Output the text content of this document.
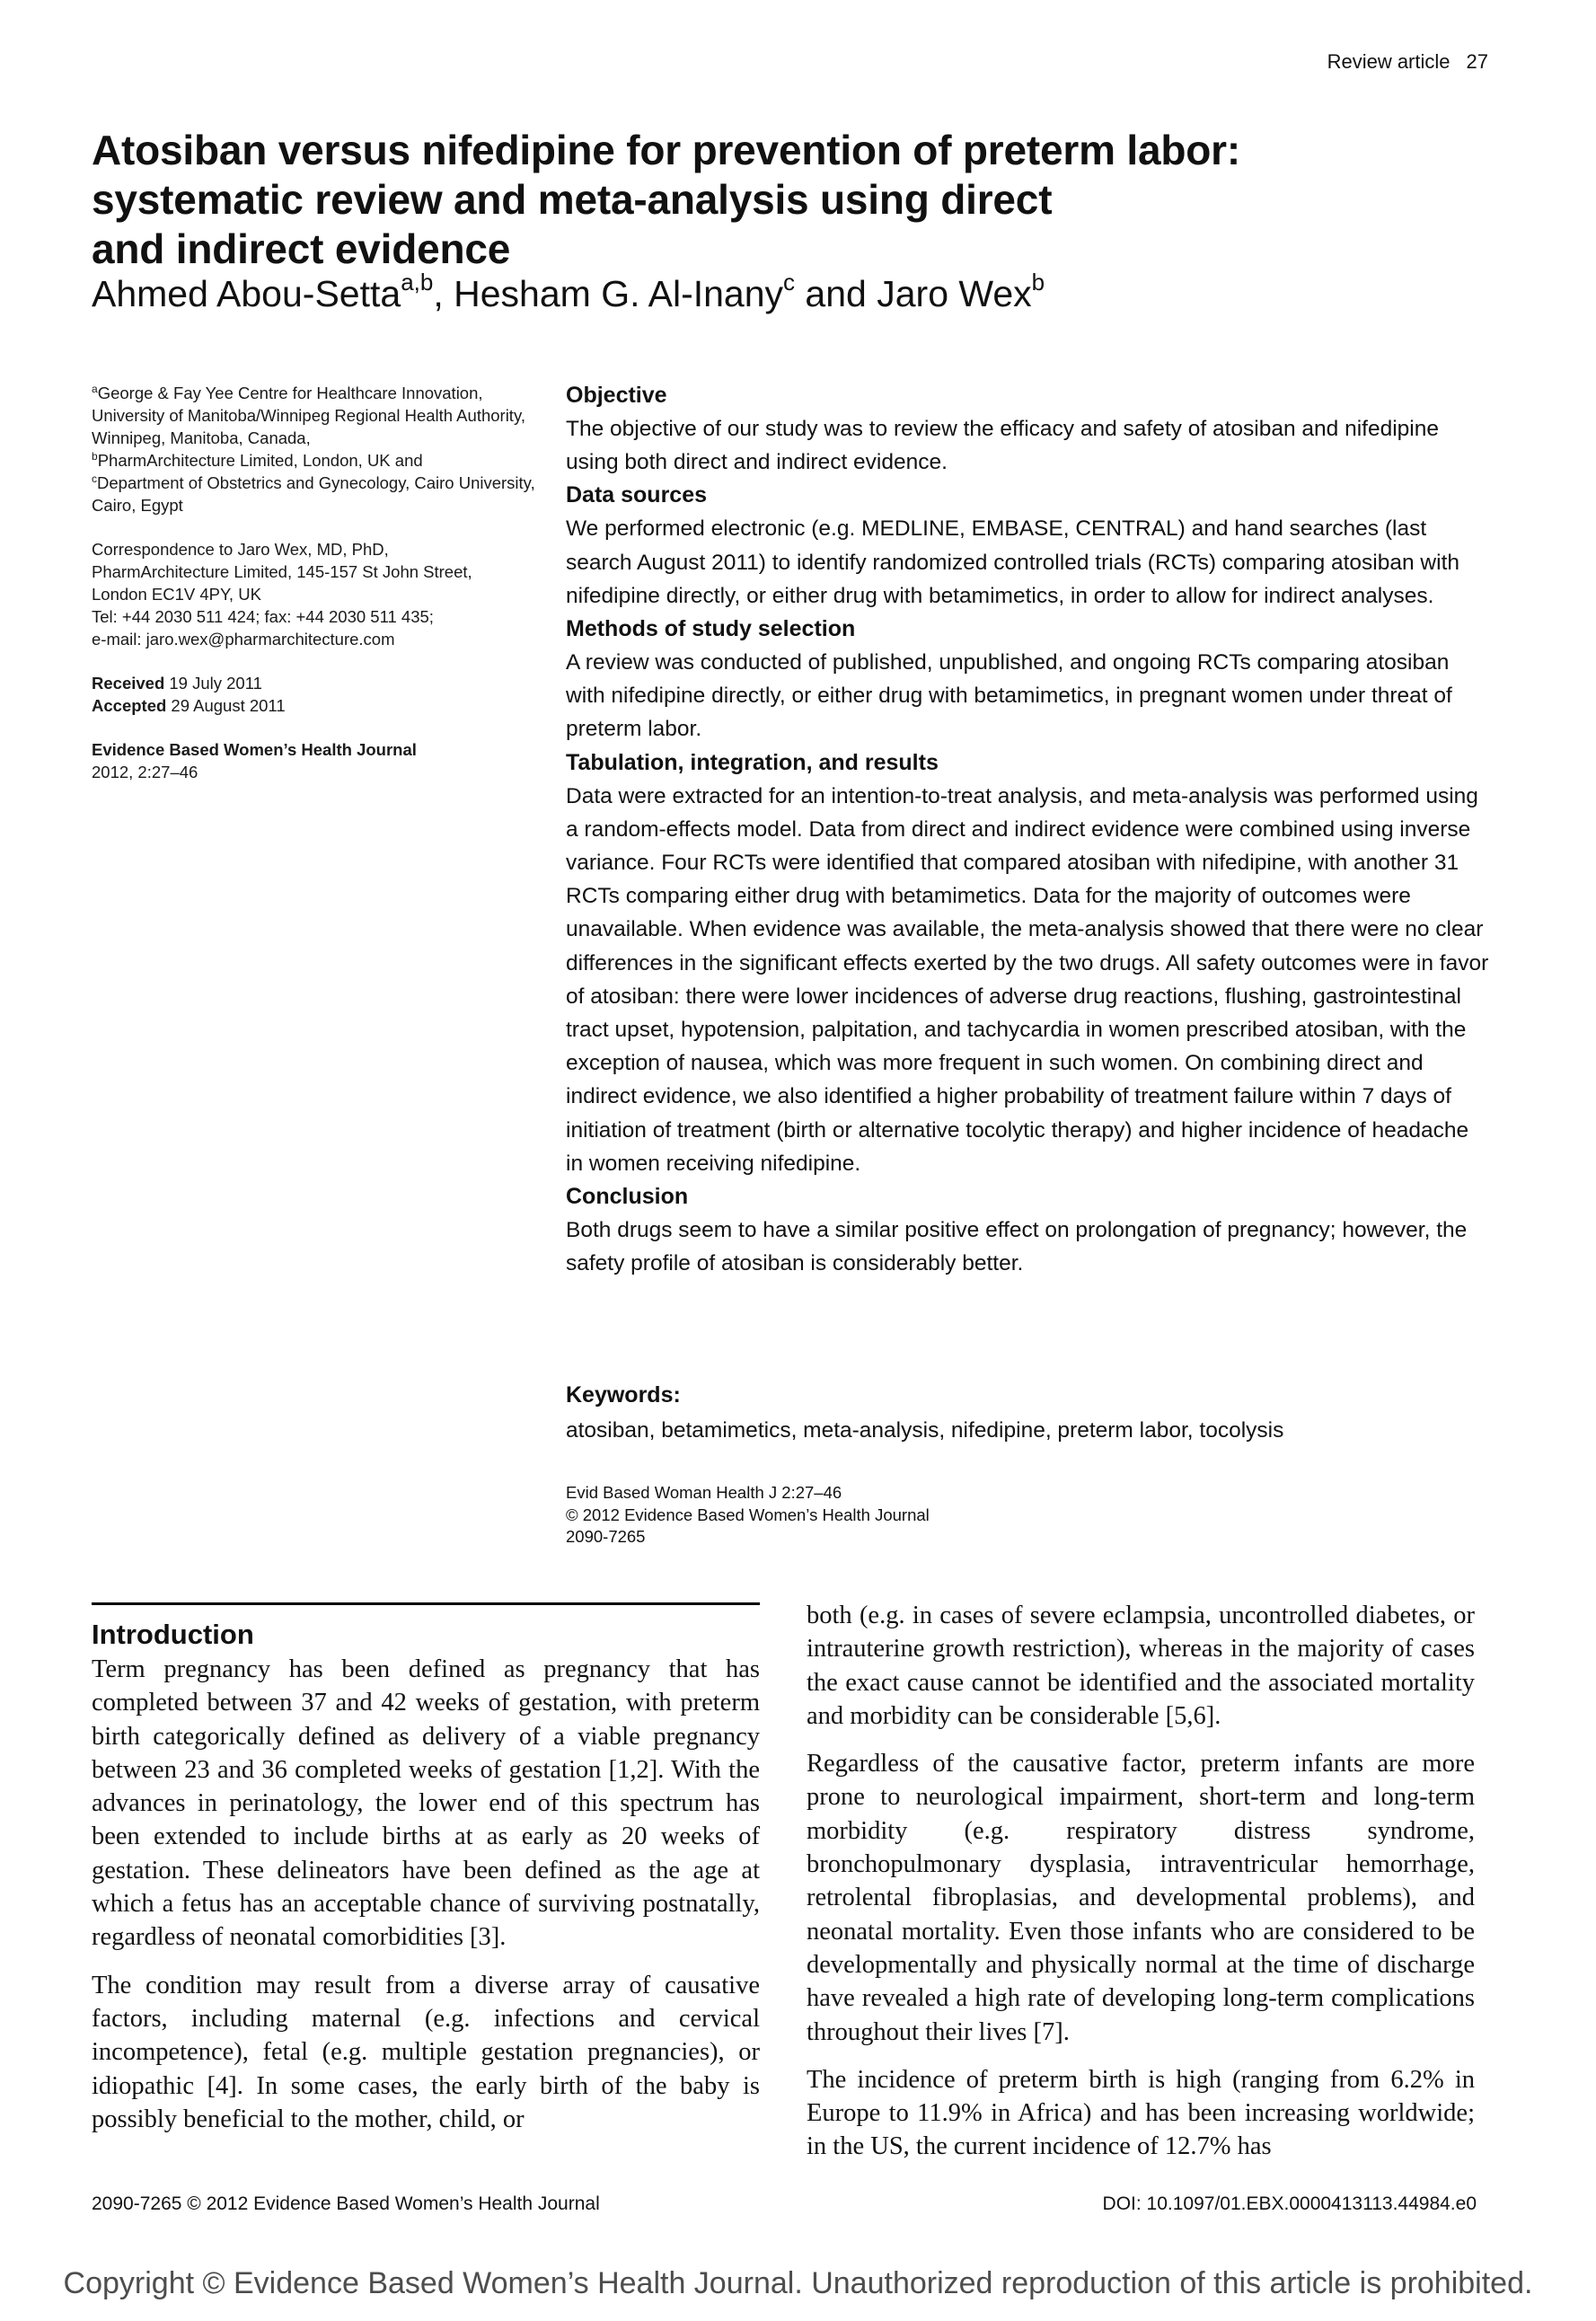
Review article 27
Atosiban versus nifedipine for prevention of preterm labor:
systematic review and meta-analysis using direct
and indirect evidence
Ahmed Abou-Setta$^{a,b}$, Hesham G. Al-Inany$^c$ and Jaro Wex$^b$

$^a$George & Fay Yee Centre for Healthcare Innovation, University of Manitoba/Winnipeg Regional Health Authority, Winnipeg, Manitoba, Canada,
$^b$PharmArchitecture Limited, London, UK and
$^c$Department of Obstetrics and Gynecology, Cairo University, Cairo, Egypt

Correspondence to Jaro Wex, MD, PhD,
PharmArchitecture Limited, 145-157 St John Street,
London EC1V 4PY, UK
Tel: +44 2030 511 424; fax: +44 2030 511 435;
e-mail: jaro.wex@pharmarchitecture.com

Received 19 July 2011
Accepted 29 August 2011

Evidence Based Women’s Health Journal
2012, 2:27–46

Objective

The objective of our study was to review the efficacy and safety of atosiban and nifedipine using both direct and indirect evidence.

Data sources

We performed electronic (e.g. MEDLINE, EMBASE, CENTRAL) and hand searches (last search August 2011) to identify randomized controlled trials (RCTs) comparing atosiban with nifedipine directly, or either drug with betamimetics, in order to allow for indirect analyses.

Methods of study selection

A review was conducted of published, unpublished, and ongoing RCTs comparing atosiban with nifedipine directly, or either drug with betamimetics, in pregnant women under threat of preterm labor.

Tabulation, integration, and results

Data were extracted for an intention-to-treat analysis, and meta-analysis was performed using a random-effects model. Data from direct and indirect evidence were combined using inverse variance. Four RCTs were identified that compared atosiban with nifedipine, with another 31 RCTs comparing either drug with betamimetics. Data for the majority of outcomes were unavailable. When evidence was available, the meta-analysis showed that there were no clear differences in the significant effects exerted by the two drugs. All safety outcomes were in favor of atosiban: there were lower incidences of adverse drug reactions, flushing, gastrointestinal tract upset, hypotension, palpitation, and tachycardia in women prescribed atosiban, with the exception of nausea, which was more frequent in such women. On combining direct and indirect evidence, we also identified a higher probability of treatment failure within 7 days of initiation of treatment (birth or alternative tocolytic therapy) and higher incidence of headache in women receiving nifedipine.

Conclusion

Both drugs seem to have a similar positive effect on prolongation of pregnancy; however, the safety profile of atosiban is considerably better.

Keywords:
atosiban, betamimetics, meta-analysis, nifedipine, preterm labor, tocolysis
Evid Based Woman Health J 2:27–46
© 2012 Evidence Based Women’s Health Journal
2090-7265
Introduction

Term pregnancy has been defined as pregnancy that has completed between 37 and 42 weeks of gestation, with preterm birth categorically defined as delivery of a viable pregnancy between 23 and 36 completed weeks of gestation [1,2]. With the advances in perinatology, the lower end of this spectrum has been extended to include births at as early as 20 weeks of gestation. These delineators have been defined as the age at which a fetus has an acceptable chance of surviving postnatally, regardless of neonatal comorbidities [3].

The condition may result from a diverse array of causative factors, including maternal (e.g. infections and cervical incompetence), fetal (e.g. multiple gestation pregnancies), or idiopathic [4]. In some cases, the early birth of the baby is possibly beneficial to the mother, child, or

both (e.g. in cases of severe eclampsia, uncontrolled diabetes, or intrauterine growth restriction), whereas in the majority of cases the exact cause cannot be identified and the associated mortality and morbidity can be considerable [5,6].

Regardless of the causative factor, preterm infants are more prone to neurological impairment, short-term and long-term morbidity (e.g. respiratory distress syndrome, bronchopulmonary dysplasia, intraventricular hemorrhage, retrolental fibroplasias, and developmental problems), and neonatal mortality. Even those infants who are considered to be developmentally and physically normal at the time of discharge have revealed a high rate of developing long-term complications throughout their lives [7].

The incidence of preterm birth is high (ranging from 6.2% in Europe to 11.9% in Africa) and has been increasing worldwide; in the US, the current incidence of 12.7% has

2090-7265 © 2012 Evidence Based Women’s Health Journal	DOI: 10.1097/01.EBX.0000413113.44984.e0
Copyright © Evidence Based Women’s Health Journal. Unauthorized reproduction of this article is prohibited.
